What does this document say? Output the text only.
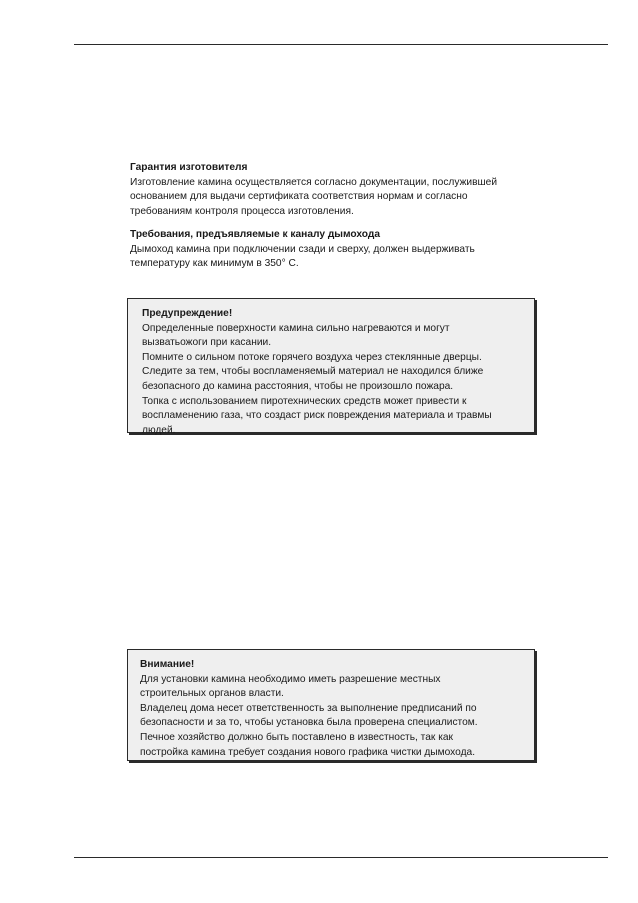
Гарантия изготовителя
Изготовление камина осуществляется согласно документации, послужившей
основанием для выдачи сертификата соответствия нормам и согласно
требованиям контроля процесса изготовления.
Требования, предъявляемые к каналу дымохода
Дымоход камина при подключении сзади и сверху, должен выдерживать
температуру как минимум в 350° С.
Предупреждение!
Определенные поверхности камина сильно нагреваются и могут
вызватьожоги при касании.
Помните о сильном потоке горячего воздуха через стеклянные дверцы.
Следите за тем, чтобы воспламеняемый материал не находился ближе
безопасного до камина расстояния, чтобы не произошло пожара.
Топка с использованием пиротехнических средств может привести к
воспламенению газа, что создаст риск повреждения материала и травмы
людей.
Внимание!
Для установки камина необходимо иметь разрешение местных
строительных органов власти.
Владелец дома несет ответственность за выполнение предписаний по
безопасности и за то, чтобы установка была проверена специалистом.
Печное хозяйство должно быть поставлено в известность, так как
постройка камина требует создания нового графика чистки дымохода.
